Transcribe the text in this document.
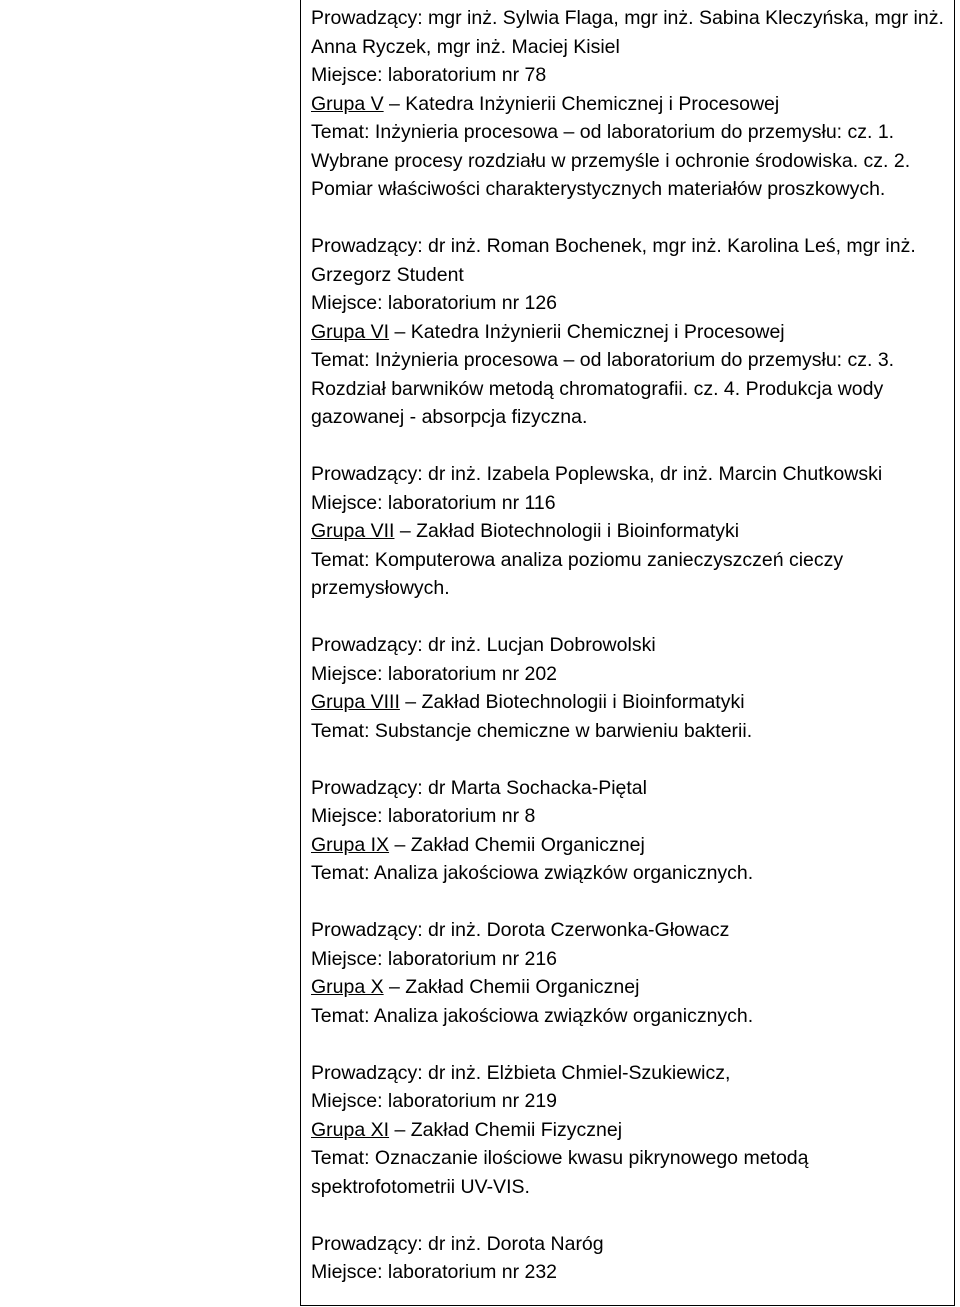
Prowadzący: mgr inż. Sylwia Flaga, mgr inż. Sabina Kleczyńska, mgr inż. Anna Ryczek, mgr inż. Maciej Kisiel

Miejsce: laboratorium nr 78

Grupa V – Katedra Inżynierii Chemicznej i Procesowej

Temat: Inżynieria procesowa – od laboratorium do przemysłu: cz. 1. Wybrane procesy rozdziału w przemyśle i ochronie środowiska. cz. 2. Pomiar właściwości charakterystycznych materiałów proszkowych.

Prowadzący: dr inż. Roman Bochenek, mgr inż. Karolina Leś, mgr inż. Grzegorz Student

Miejsce: laboratorium nr 126

Grupa VI – Katedra Inżynierii Chemicznej i Procesowej

Temat: Inżynieria procesowa – od laboratorium do przemysłu: cz. 3. Rozdział barwników metodą chromatografii. cz. 4. Produkcja wody gazowanej - absorpcja fizyczna.

Prowadzący: dr inż. Izabela Poplewska, dr inż. Marcin Chutkowski

Miejsce: laboratorium nr 116

Grupa VII – Zakład Biotechnologii i Bioinformatyki

Temat: Komputerowa analiza poziomu zanieczyszczeń cieczy przemysłowych.

Prowadzący: dr inż. Lucjan Dobrowolski

Miejsce: laboratorium nr 202

Grupa VIII – Zakład Biotechnologii i Bioinformatyki

Temat: Substancje chemiczne w barwieniu bakterii.

Prowadzący: dr Marta Sochacka-Piętal

Miejsce: laboratorium nr 8

Grupa IX – Zakład Chemii Organicznej

Temat: Analiza jakościowa związków organicznych.

Prowadzący: dr inż. Dorota Czerwonka-Głowacz

Miejsce: laboratorium nr 216

Grupa X – Zakład Chemii Organicznej

Temat: Analiza jakościowa związków organicznych.

Prowadzący: dr inż. Elżbieta Chmiel-Szukiewicz,

Miejsce: laboratorium nr 219

Grupa XI – Zakład Chemii Fizycznej

Temat: Oznaczanie ilościowe kwasu pikrynowego metodą spektrofotometrii UV-VIS.

Prowadzący: dr inż. Dorota Naróg

Miejsce: laboratorium nr 232
